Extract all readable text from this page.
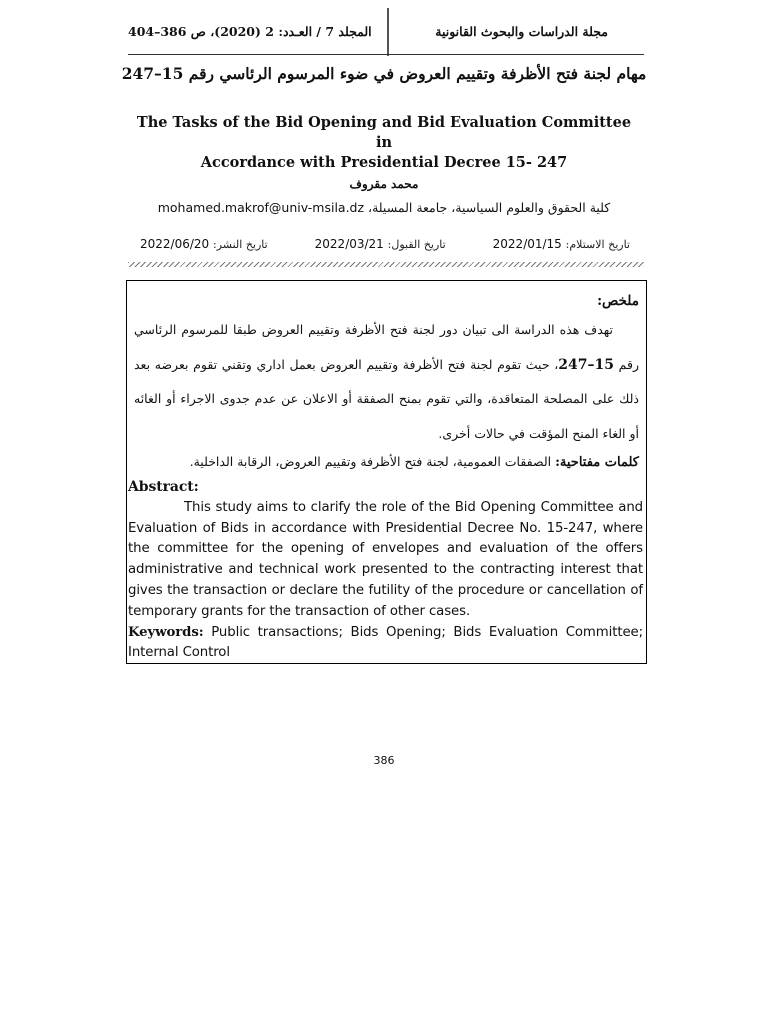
المجلد 7 / العـدد: 2 (2020)، ص 386–404	مجلة الدراسات والبحوث القانونية
مهام لجنة فتح الأظرفة وتقييم العروض في ضوء المرسوم الرئاسي رقم 15–247
The Tasks of the Bid Opening and Bid Evaluation Committee in
Accordance with Presidential Decree 15- 247
محمد مقروف
كلية الحقوق والعلوم السياسية، جامعة المسيلة، mohamed.makrof@univ-msila.dz
تاريخ الاستلام: 2022/01/15
تاريخ القبول: 2022/03/21
تاريخ النشر: 2022/06/20
ملخص:
تهدف هذه الدراسة الى تبيان دور لجنة فتح الأظرفة وتقييم العروض طبقا للمرسوم الرئاسي رقم 15–247، حيث تقوم لجنة فتح الأظرفة وتقييم العروض بعمل اداري وتقني تقوم بعرضه بعد ذلك على المصلحة المتعاقدة، والتي تقوم بمنح الصفقة أو الاعلان عن عدم جدوى الاجراء أو الغائه أو الغاء المنح المؤقت في حالات أخرى.
كلمات مفتاحية: الصفقات العمومية، لجنة فتح الأظرفة وتقييم العروض، الرقابة الداخلية.
Abstract:
This study aims to clarify the role of the Bid Opening Committee and Evaluation of Bids in accordance with Presidential Decree No. 15-247, where the committee for the opening of envelopes and evaluation of the offers administrative and technical work presented to the contracting interest that gives the transaction or declare the futility of the procedure or cancellation of temporary grants for the transaction of other cases.
Keywords: Public transactions; Bids Opening; Bids Evaluation Committee; Internal Control
386
